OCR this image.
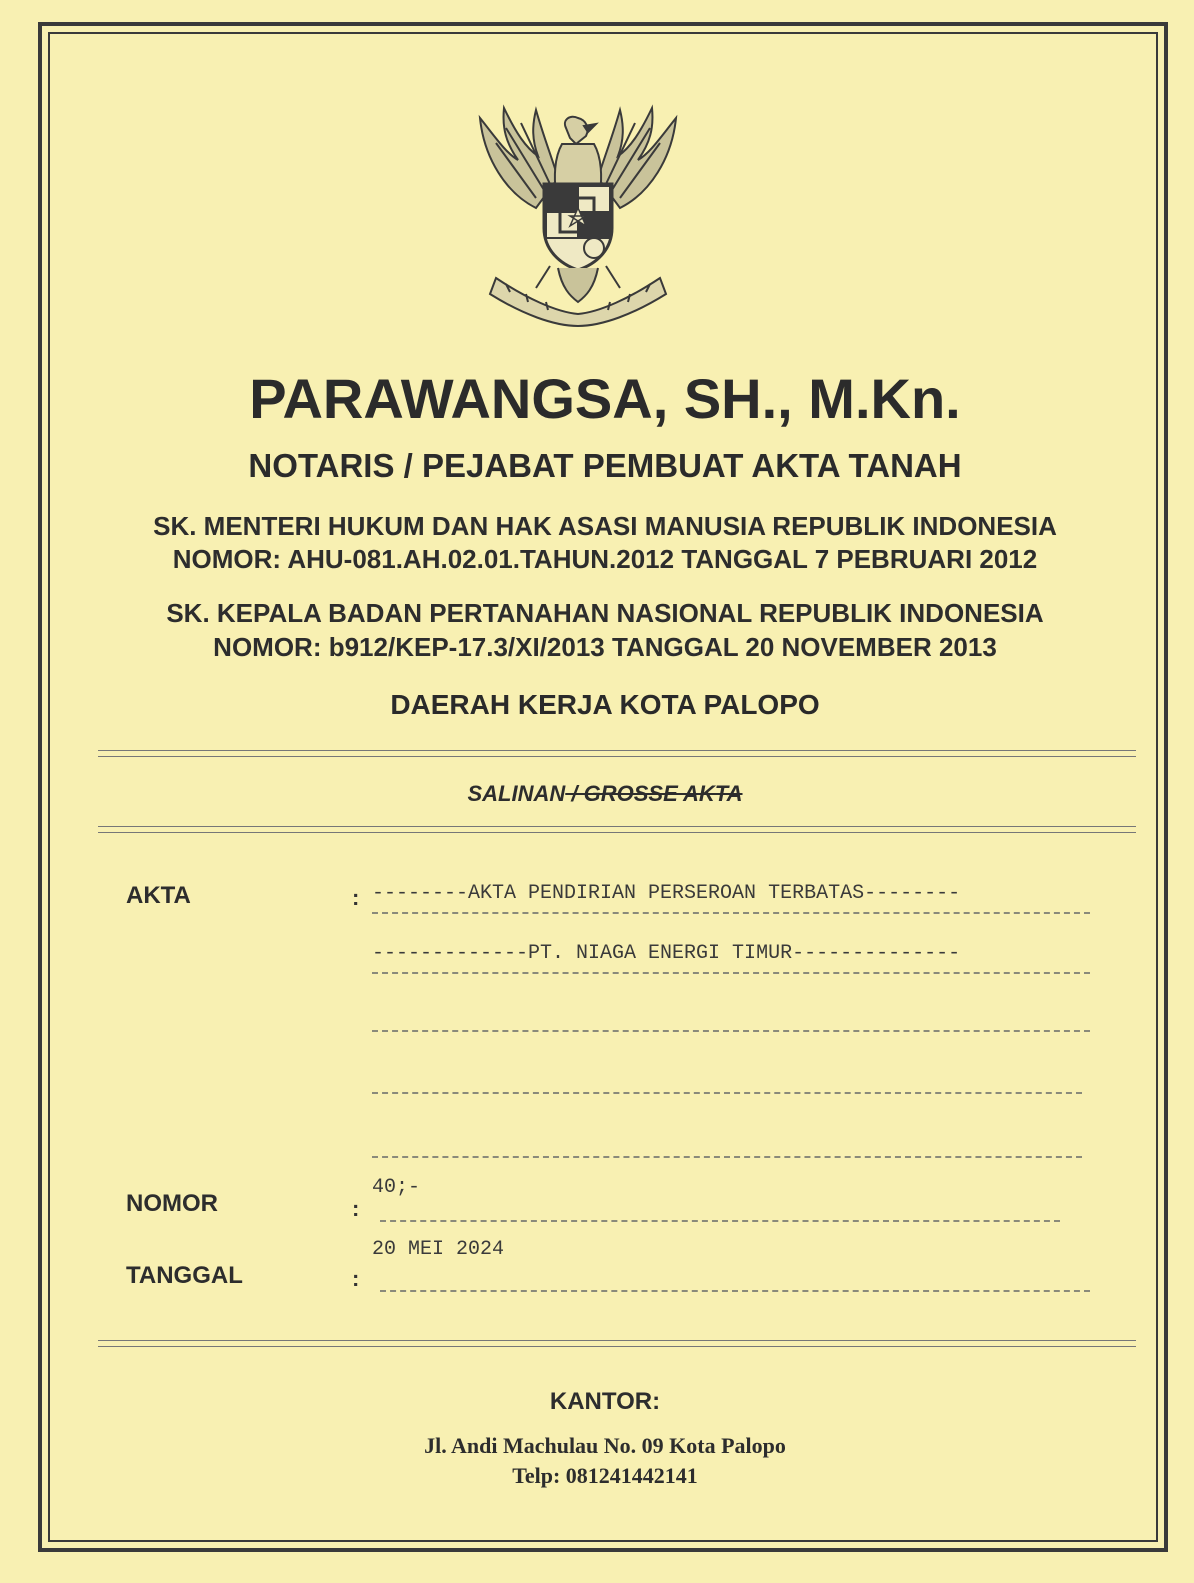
PARAWANGSA, SH., M.Kn.
NOTARIS / PEJABAT PEMBUAT AKTA TANAH
SK. MENTERI HUKUM DAN HAK ASASI MANUSIA REPUBLIK INDONESIA
NOMOR: AHU-081.AH.02.01.TAHUN.2012 TANGGAL 7 PEBRUARI 2012
SK. KEPALA BADAN PERTANAHAN NASIONAL REPUBLIK INDONESIA
NOMOR: b912/KEP-17.3/XI/2013 TANGGAL 20 NOVEMBER 2013
DAERAH KERJA KOTA PALOPO
SALINAN / GROSSE AKTA
AKTA	: --------AKTA PENDIRIAN PERSEROAN TERBATAS--------
-------------PT. NIAGA ENERGI TIMUR--------------
NOMOR	:
40;-
TANGGAL	:
20 MEI 2024
KANTOR:
Jl. Andi Machulau No. 09 Kota Palopo
Telp: 081241442141
